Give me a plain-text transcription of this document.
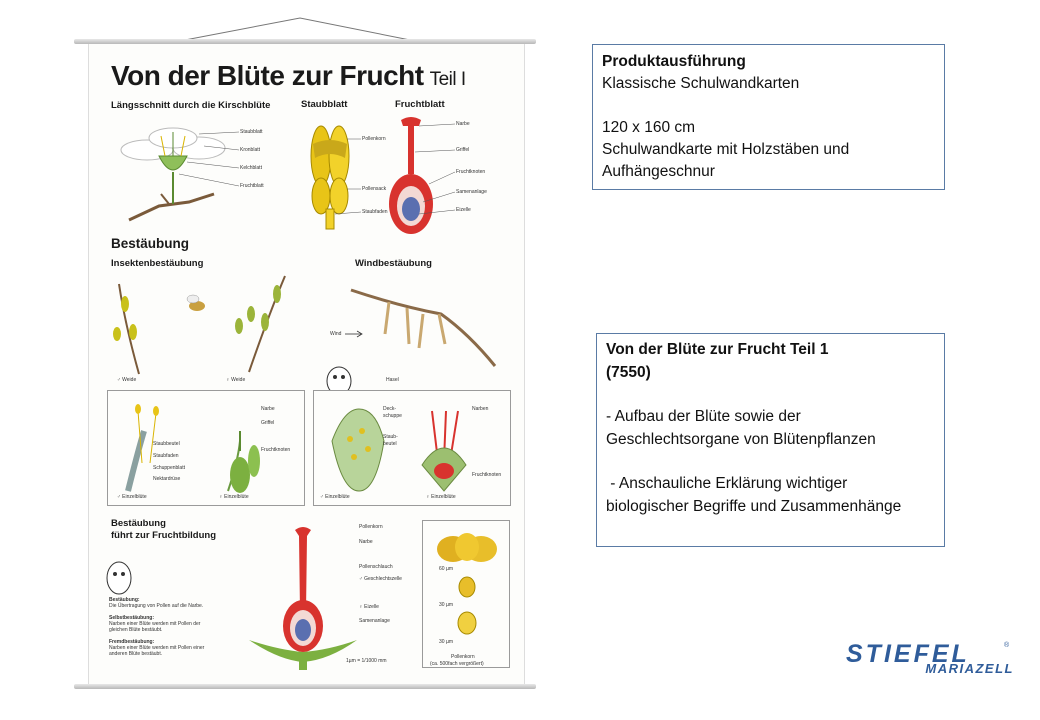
Von der Blüte zur Frucht Teil I
Längsschnitt durch die Kirschblüte	Staubblatt	Fruchtblatt
Staubblatt
Kronblatt
Kelchblatt
Fruchtblatt
Pollenkorn
Pollensack
Staubfaden
Narbe
Griffel
Fruchtknoten
Samenanlage
Eizelle
Bestäubung
Insektenbestäubung	Windbestäubung
Wind
♂ Weide	♀ Weide	Hasel
Staubbeutel
Staubfaden
Schuppenblatt
Nektardrüse
Narbe
Griffel
Fruchtknoten
♂ Einzelblüte	♀ Einzelblüte
Deck-
schuppe
Staub-
beutel
Narben
Fruchtknoten
♂ Einzelblüte	♀ Einzelblüte
Bestäubung
führt zur Fruchtbildung
Pollenkorn
Narbe
Pollenschlauch
♂ Geschlechtszelle
♀ Eizelle
Samenanlage
1µm = 1/1000 mm
60 µm
30 µm
30 µm
Pollenkorn
(ca. 500fach vergrößert)
Bestäubung:
Die Übertragung von Pollen auf die Narbe.
Selbstbestäubung:
Narben einer Blüte werden mit Pollen der
gleichen Blüte bestäubt.
Fremdbestäubung:
Narben einer Blüte werden mit Pollen einer
anderen Blüte bestäubt.
Produktausführung
Klassische Schulwandkarten
120 x 160 cm
Schulwandkarte mit Holzstäben und
Aufhängeschnur
Von der Blüte zur Frucht Teil 1
(7550)
- Aufbau der Blüte sowie der
Geschlechtsorgane von Blütenpflanzen
- Anschauliche Erklärung wichtiger
biologischer Begriffe und Zusammenhänge
STIEFEL	®
MARIAZELL
